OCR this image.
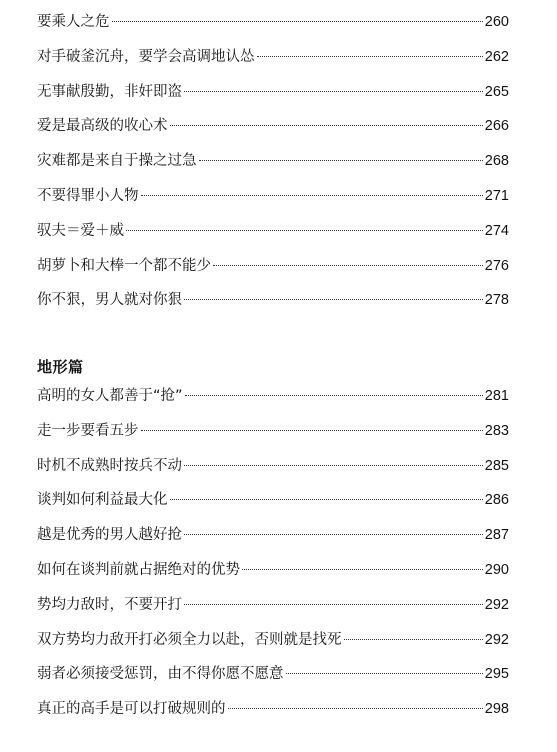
要乘人之危	260
对手破釜沉舟，要学会高调地认怂	262
无事献殷勤，非奸即盗	265
爱是最高级的收心术	266
灾难都是来自于操之过急	268
不要得罪小人物	271
驭夫＝爱＋威	274
胡萝卜和大棒一个都不能少	276
你不狠，男人就对你狠	278
地形篇
高明的女人都善于“抢”	281
走一步要看五步	283
时机不成熟时按兵不动	285
谈判如何利益最大化	286
越是优秀的男人越好抢	287
如何在谈判前就占据绝对的优势	290
势均力敌时，不要开打	292
双方势均力敌开打必须全力以赴，否则就是找死	292
弱者必须接受惩罚，由不得你愿不愿意	295
真正的高手是可以打破规则的	298
